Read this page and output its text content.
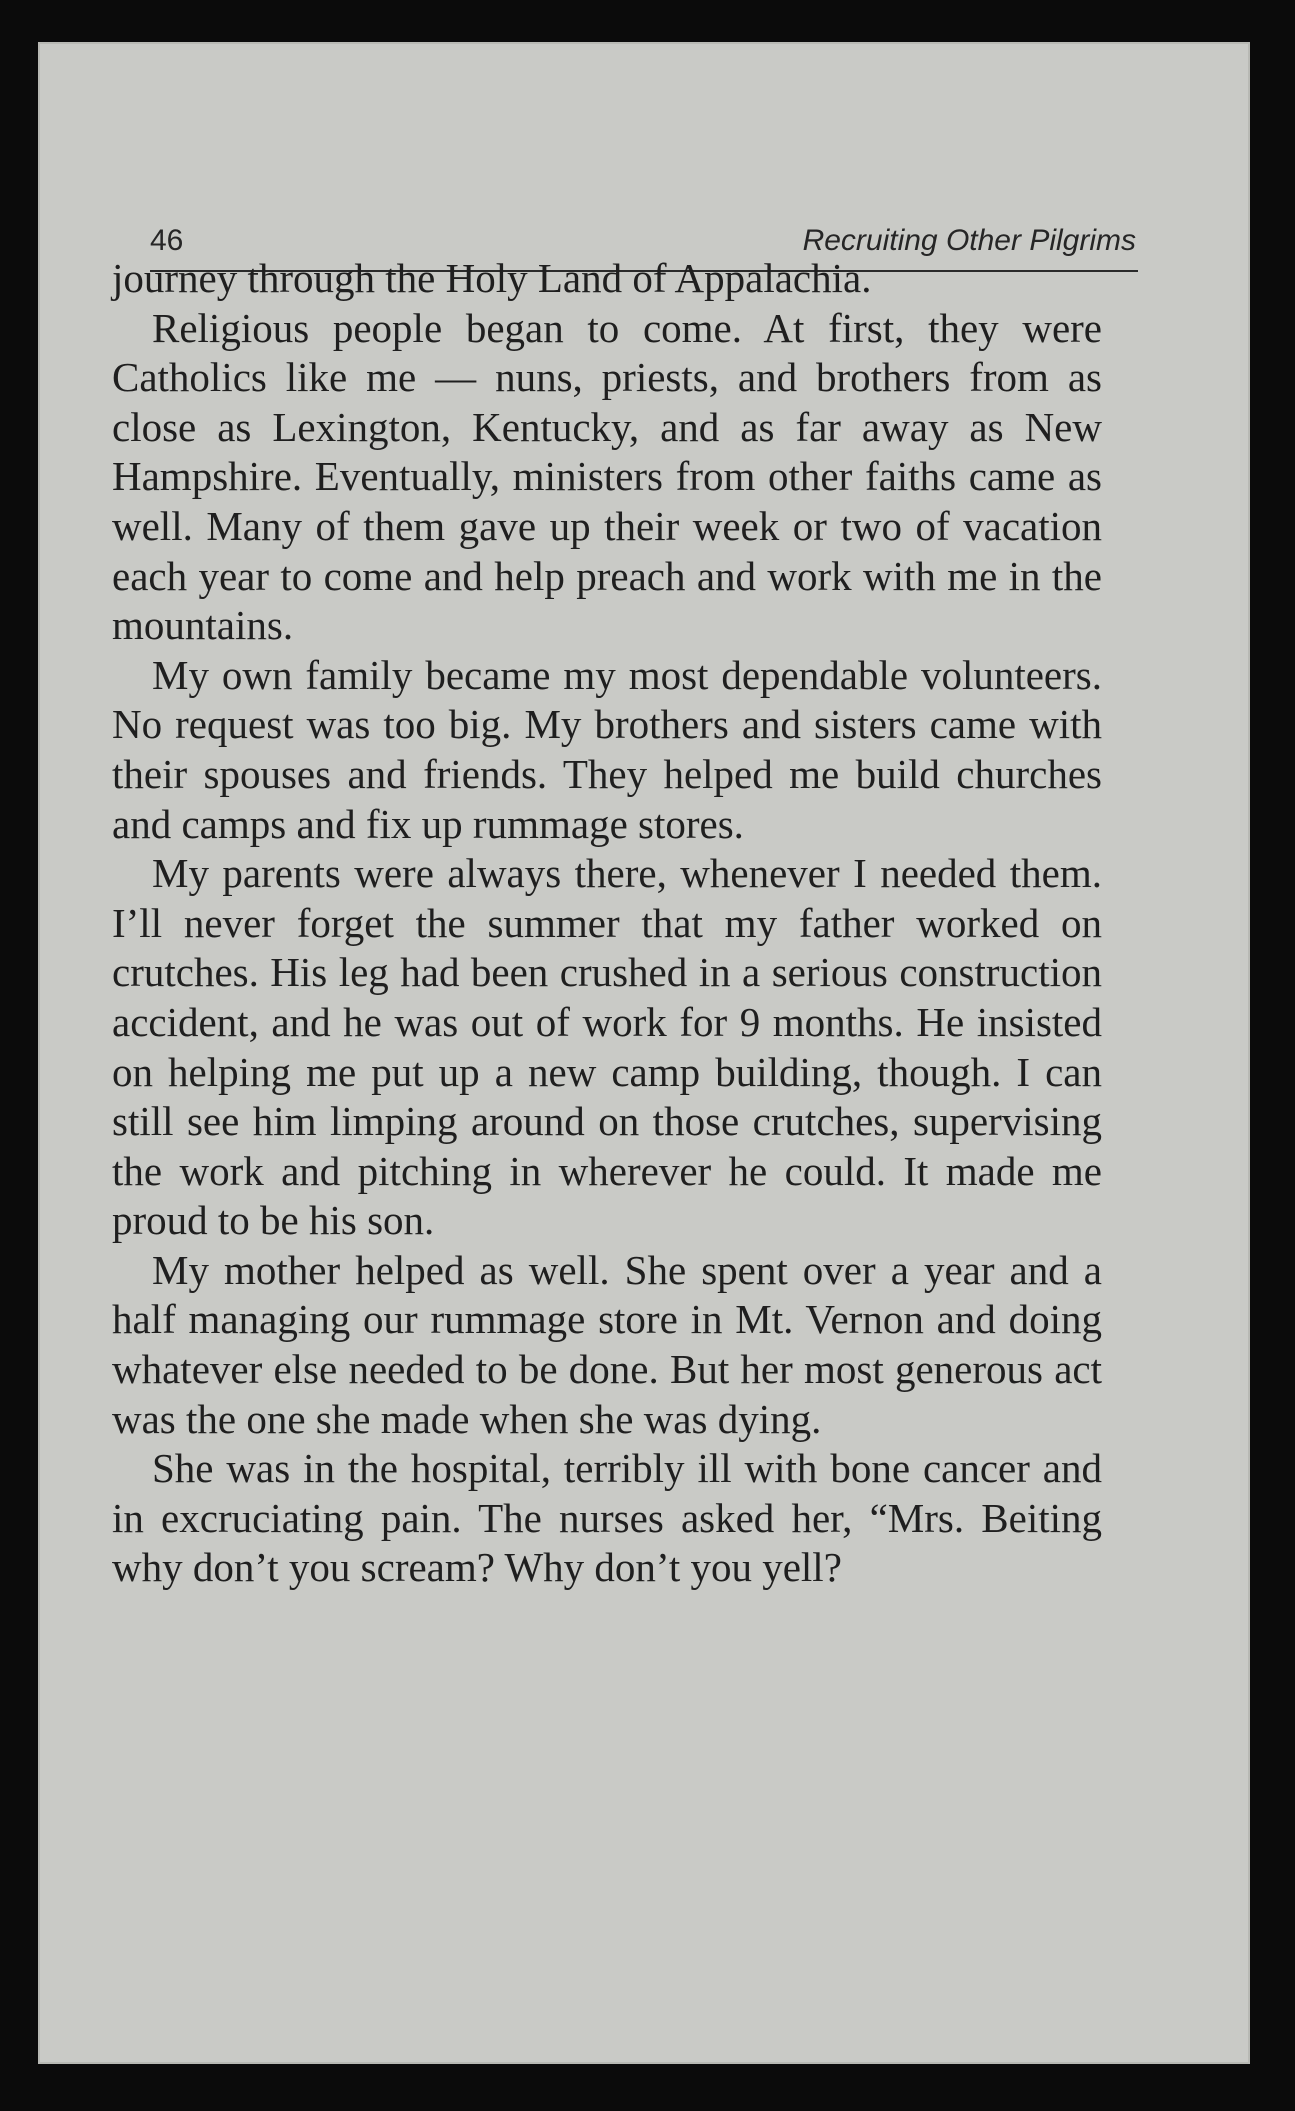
46	Recruiting Other Pilgrims

journey through the Holy Land of Appalachia.

Religious people began to come. At first, they were Catholics like me — nuns, priests, and brothers from as close as Lexington, Kentucky, and as far away as New Hampshire. Eventually, ministers from other faiths came as well. Many of them gave up their week or two of vacation each year to come and help preach and work with me in the mountains.

My own family became my most dependable volunteers. No request was too big. My brothers and sisters came with their spouses and friends. They helped me build churches and camps and fix up rummage stores.

My parents were always there, whenever I needed them. I’ll never forget the summer that my father worked on crutches. His leg had been crushed in a serious construction accident, and he was out of work for 9 months. He insisted on helping me put up a new camp building, though. I can still see him limping around on those crutches, supervising the work and pitching in wherever he could. It made me proud to be his son.

My mother helped as well. She spent over a year and a half managing our rummage store in Mt. Vernon and doing whatever else needed to be done. But her most generous act was the one she made when she was dying.

She was in the hospital, terribly ill with bone cancer and in excruciating pain. The nurses asked her, “Mrs. Beiting why don’t you scream? Why don’t you yell?
